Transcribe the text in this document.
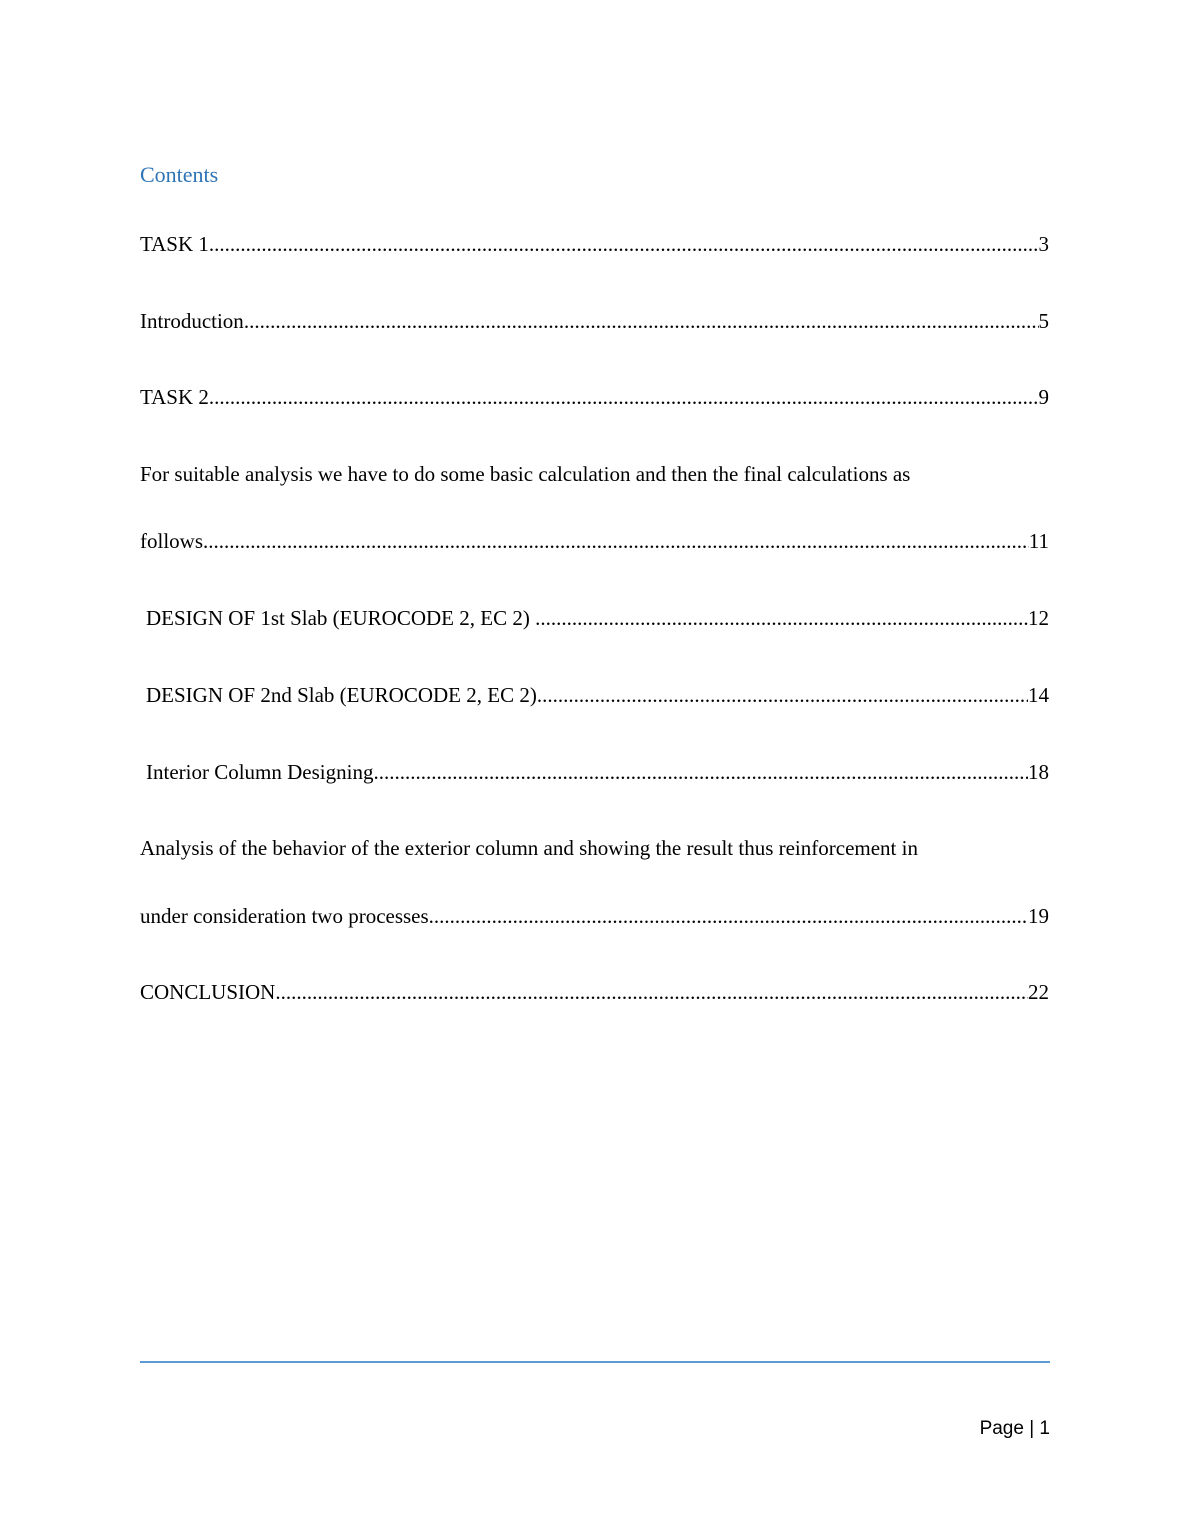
Contents
TASK 1 .....	3
Introduction .....	5
TASK 2 .....	9
For suitable analysis we have to do some basic calculation and then the final calculations as
follows .....	11
DESIGN OF 1st Slab (EUROCODE 2, EC 2) .....	12
DESIGN OF 2nd Slab (EUROCODE 2, EC 2) .....	14
Interior Column Designing .....	18
Analysis of the behavior of the exterior column and showing the result thus reinforcement in
under consideration two processes .....	19
CONCLUSION .....	22
Page | 1
